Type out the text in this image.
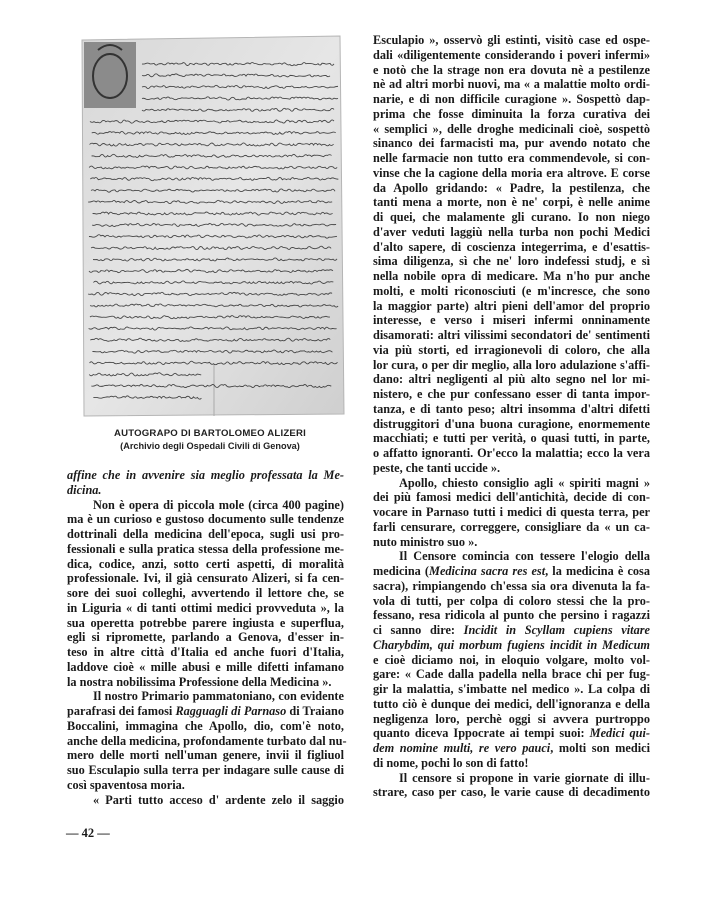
AUTOGRAPO DI BARTOLOMEO ALIZERI
(Archivio degli Ospedali Civili di Genova)
affine che in avvenire sia meglio professata la Me-
dicina.
Non è opera di piccola mole (circa 400 pagine)
ma è un curioso e gustoso documento sulle tendenze
dottrinali della medicina dell'epoca, sugli usi pro-
fessionali e sulla pratica stessa della professione me-
dica, codice, anzi, sotto certi aspetti, di moralità
professionale. Ivi, il già censurato Alizeri, si fa cen-
sore dei suoi colleghi, avvertendo il lettore che, se
in Liguria « di tanti ottimi medici provveduta », la
sua operetta potrebbe parere ingiusta e superflua,
egli si ripromette, parlando a Genova, d'esser in-
teso in altre città d'Italia ed anche fuori d'Italia,
laddove cioè « mille abusi e mille difetti infamano
la nostra nobilissima Professione della Medicina ».
Il nostro Primario pammatoniano, con evidente
parafrasi dei famosi Ragguagli di Parnaso di Traiano
Boccalini, immagina che Apollo, dio, com'è noto,
anche della medicina, profondamente turbato dal nu-
mero delle morti nell'uman genere, invii il figliuol
suo Esculapio sulla terra per indagare sulle cause di
così spaventosa moria.
« Parti tutto acceso d' ardente zelo il saggio
Esculapio », osservò gli estinti, visitò case ed ospe-
dali «diligentemente considerando i poveri infermi»
e notò che la strage non era dovuta nè a pestilenze
nè ad altri morbi nuovi, ma « a malattie molto ordi-
narie, e di non difficile curagione ». Sospettò dap-
prima che fosse diminuita la forza curativa dei
« semplici », delle droghe medicinali cioè, sospettò
sinanco dei farmacisti ma, pur avendo notato che
nelle farmacie non tutto era commendevole, si con-
vinse che la cagione della moria era altrove. E corse
da Apollo gridando: « Padre, la pestilenza, che
tanti mena a morte, non è ne' corpi, è nelle anime
di quei, che malamente gli curano. Io non niego
d'aver veduti laggiù nella turba non pochi Medici
d'alto sapere, di coscienza integerrima, e d'esattis-
sima diligenza, sì che ne' loro indefessi studj, e sì
nella nobile opra di medicare. Ma n'ho pur anche
molti, e molti riconosciuti (e m'incresce, che sono
la maggior parte) altri pieni dell'amor del proprio
interesse, e verso i miseri infermi onninamente
disamorati: altri vilissimi secondatori de' sentimenti
via più storti, ed irragionevoli di coloro, che alla
lor cura, o per dir meglio, alla loro adulazione s'affi-
dano: altri negligenti al più alto segno nel lor mi-
nistero, e che pur confessano esser di tanta impor-
tanza, e di tanto peso; altri insomma d'altri difetti
distruggitori d'una buona curagione, enormemente
macchiati; e tutti per verità, o quasi tutti, in parte,
o affatto ignoranti. Or'ecco la malattia; ecco la vera
peste, che tanti uccide ».
Apollo, chiesto consiglio agli « spiriti magni »
dei più famosi medici dell'antichità, decide di con-
vocare in Parnaso tutti i medici di questa terra, per
farli censurare, correggere, consigliare da « un ca-
nuto ministro suo ».
Il Censore comincia con tessere l'elogio della
medicina (Medicina sacra res est, la medicina è cosa
sacra), rimpiangendo ch'essa sia ora divenuta la fa-
vola di tutti, per colpa di coloro stessi che la pro-
fessano, resa ridicola al punto che persino i ragazzi
ci sanno dire: Incidit in Scyllam cupiens vitare
Charybdim, qui morbum fugiens incidit in Medicum
e cioè diciamo noi, in eloquio volgare, molto vol-
gare: « Cade dalla padella nella brace chi per fug-
gir la malattia, s'imbatte nel medico ». La colpa di
tutto ciò è dunque dei medici, dell'ignoranza e della
negligenza loro, perchè oggi si avvera purtroppo
quanto diceva Ippocrate ai tempi suoi: Medici qui-
dem nomine multi, re vero pauci, molti son medici
di nome, pochi lo son di fatto!
Il censore si propone in varie giornate di illu-
strare, caso per caso, le varie cause di decadimento
— 42 —
